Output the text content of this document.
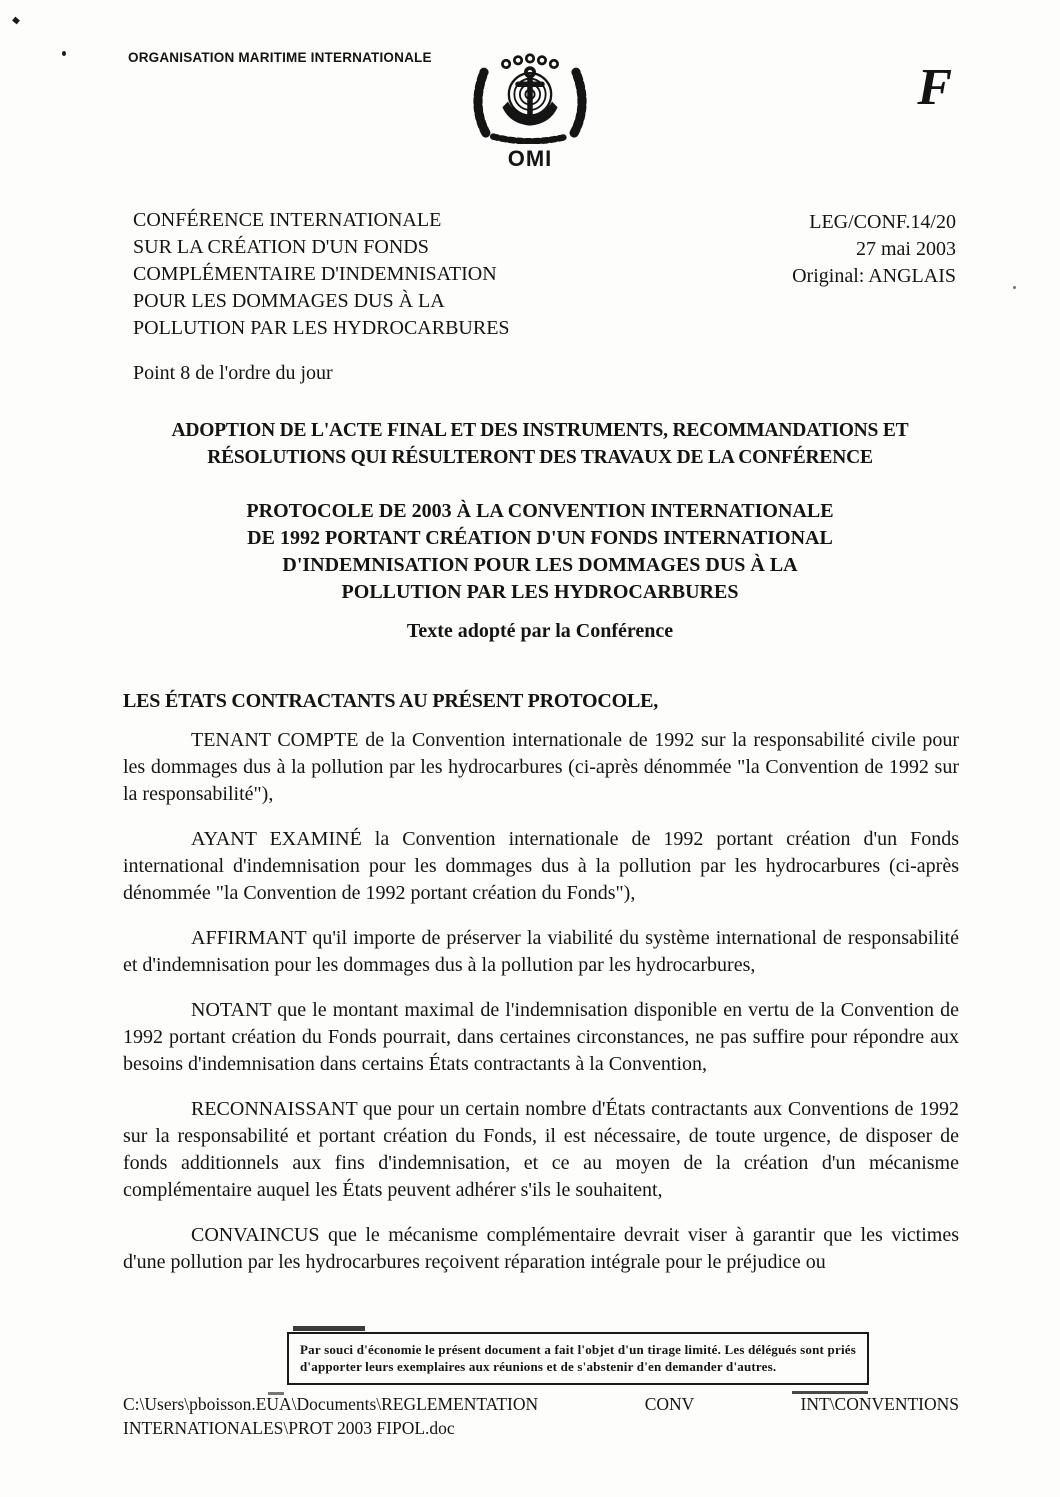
ORGANISATION MARITIME INTERNATIONALE
OMI
F
CONFÉRENCE INTERNATIONALE
SUR LA CRÉATION D'UN FONDS
COMPLÉMENTAIRE D'INDEMNISATION
POUR LES DOMMAGES DUS À LA
POLLUTION PAR LES HYDROCARBURES
LEG/CONF.14/20
27 mai 2003
Original: ANGLAIS
Point 8 de l'ordre du jour
ADOPTION DE L'ACTE FINAL ET DES INSTRUMENTS, RECOMMANDATIONS ET
RÉSOLUTIONS QUI RÉSULTERONT DES TRAVAUX DE LA CONFÉRENCE
PROTOCOLE DE 2003 À LA CONVENTION INTERNATIONALE
DE 1992 PORTANT CRÉATION D'UN FONDS INTERNATIONAL
D'INDEMNISATION POUR LES DOMMAGES DUS À LA
POLLUTION PAR LES HYDROCARBURES
Texte adopté par la Conférence
LES ÉTATS CONTRACTANTS AU PRÉSENT PROTOCOLE,

TENANT COMPTE de la Convention internationale de 1992 sur la responsabilité civile pour les dommages dus à la pollution par les hydrocarbures (ci-après dénommée "la Convention de 1992 sur la responsabilité"),

AYANT EXAMINÉ la Convention internationale de 1992 portant création d'un Fonds international d'indemnisation pour les dommages dus à la pollution par les hydrocarbures (ci-après dénommée "la Convention de 1992 portant création du Fonds"),

AFFIRMANT qu'il importe de préserver la viabilité du système international de responsabilité et d'indemnisation pour les dommages dus à la pollution par les hydrocarbures,

NOTANT que le montant maximal de l'indemnisation disponible en vertu de la Convention de 1992 portant création du Fonds pourrait, dans certaines circonstances, ne pas suffire pour répondre aux besoins d'indemnisation dans certains États contractants à la Convention,

RECONNAISSANT que pour un certain nombre d'États contractants aux Conventions de 1992 sur la responsabilité et portant création du Fonds, il est nécessaire, de toute urgence, de disposer de fonds additionnels aux fins d'indemnisation, et ce au moyen de la création d'un mécanisme complémentaire auquel les États peuvent adhérer s'ils le souhaitent,

CONVAINCUS que le mécanisme complémentaire devrait viser à garantir que les victimes d'une pollution par les hydrocarbures reçoivent réparation intégrale pour le préjudice ou

Par souci d'économie le présent document a fait l'objet d'un tirage limité. Les délégués sont priés d'apporter leurs exemplaires aux réunions et de s'abstenir d'en demander d'autres.
C:\Users\pboisson.EUA\Documents\REGLEMENTATION CONV INT\CONVENTIONS
INTERNATIONALES\PROT 2003 FIPOL.doc
